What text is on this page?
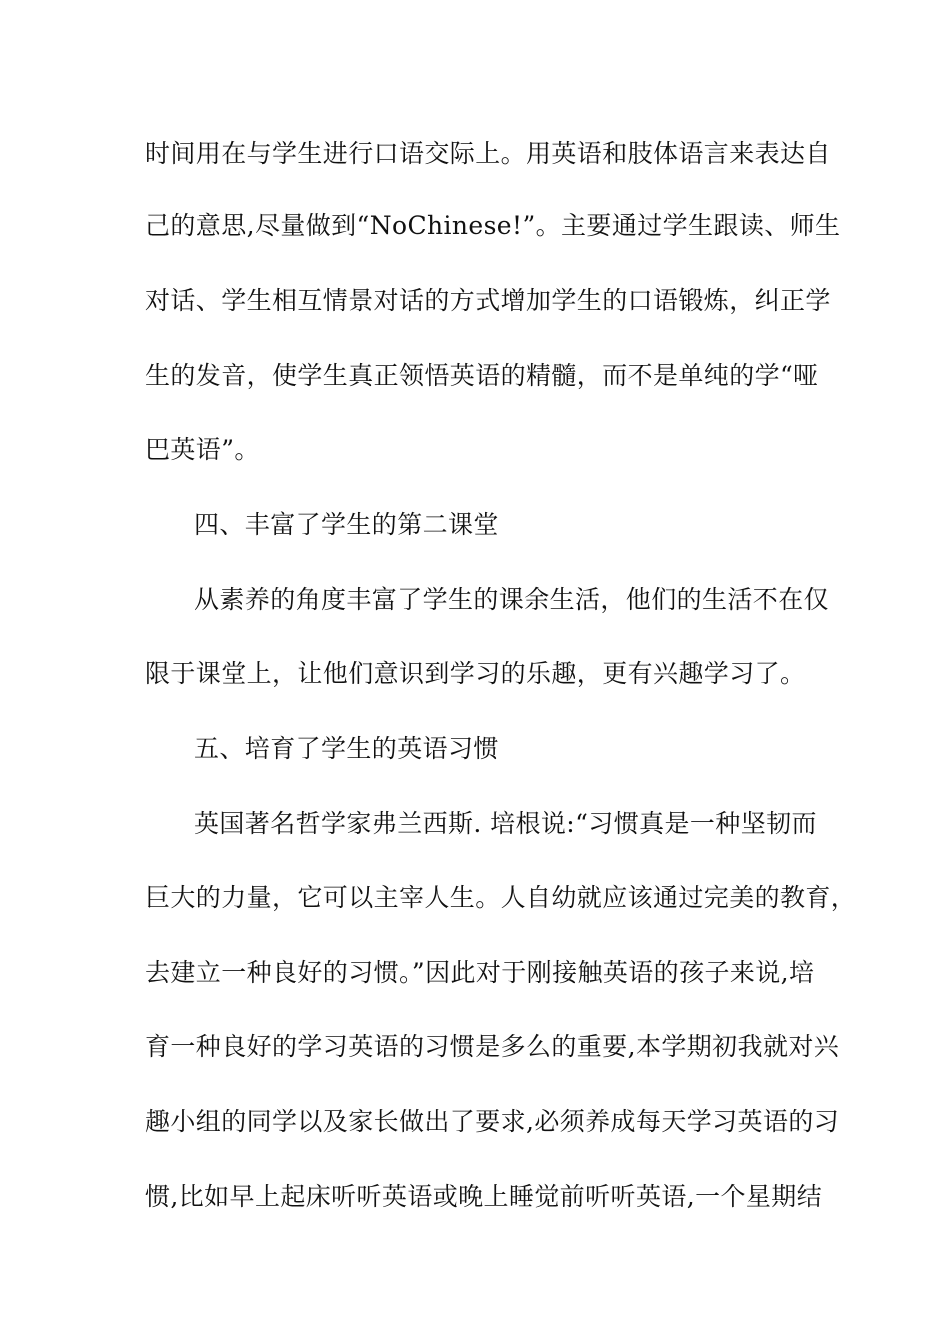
时间用在与学生进行口语交际上。用英语和肢体语言来表达自
己的意思,尽量做到“NoChinese!”。主要通过学生跟读、师生
对话、学生相互情景对话的方式增加学生的口语锻炼，纠正学
生的发音，使学生真正领悟英语的精髓，而不是单纯的学“哑
巴英语”。
四、丰富了学生的第二课堂
从素养的角度丰富了学生的课余生活，他们的生活不在仅
限于课堂上，让他们意识到学习的乐趣，更有兴趣学习了。
五、培育了学生的英语习惯
英国著名哲学家弗兰西斯. 培根说:“习惯真是一种坚韧而
巨大的力量，它可以主宰人生。人自幼就应该通过完美的教育，
去建立一种良好的习惯。”因此对于刚接触英语的孩子来说,培
育一种良好的学习英语的习惯是多么的重要,本学期初我就对兴
趣小组的同学以及家长做出了要求,必须养成每天学习英语的习
惯,比如早上起床听听英语或晚上睡觉前听听英语,一个星期结
